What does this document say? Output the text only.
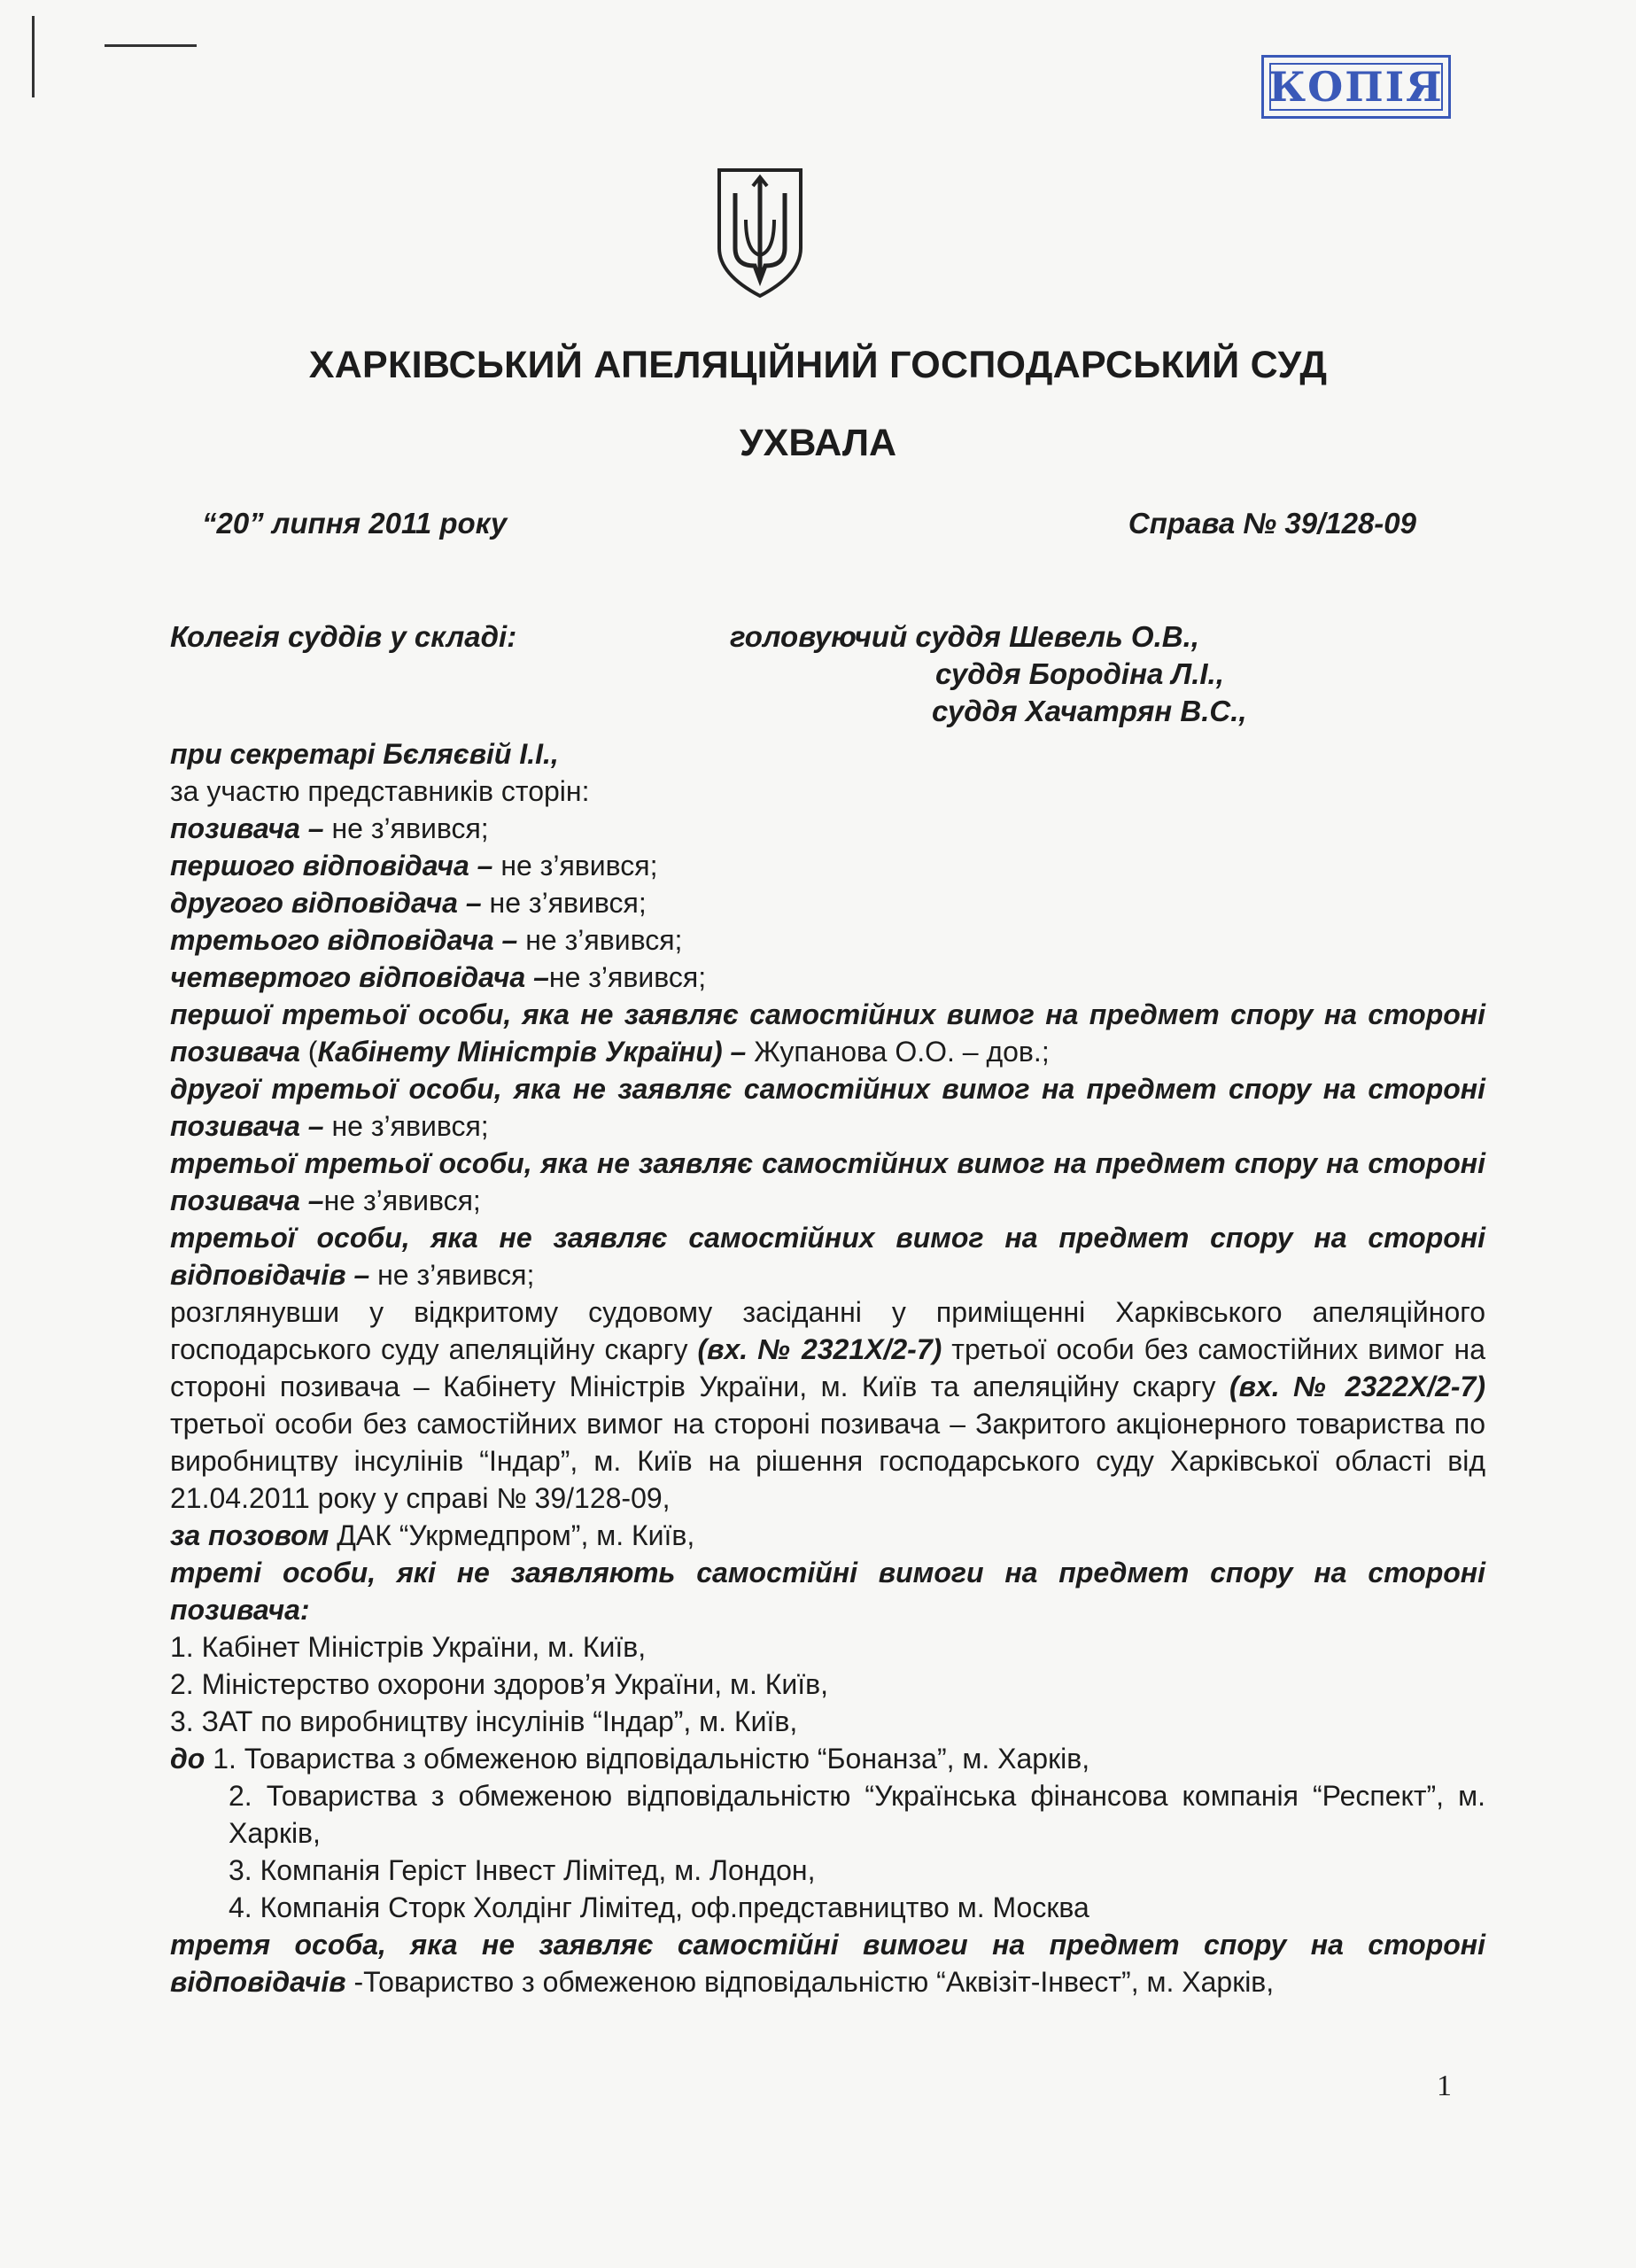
КОПІЯ
ХАРКІВСЬКИЙ АПЕЛЯЦІЙНИЙ ГОСПОДАРСЬКИЙ СУД
УХВАЛА
“20” липня 2011 року	Справа № 39/128-09
Колегія суддів у складі:	головуючий суддя Шевель О.В.,
суддя Бородіна Л.І.,
суддя Хачатрян В.С.,

при секретарі Бєляєвій І.І.,

за участю представників сторін:

позивача – не з’явився;

першого відповідача – не з’явився;

другого відповідача – не з’явився;

третього відповідача – не з’явився;

четвертого відповідача –не з’явився;

першої третьої особи, яка не заявляє самостійних вимог на предмет спору на стороні позивача (Кабінету Міністрів України) – Жупанова О.О. – дов.;

другої третьої особи, яка не заявляє самостійних вимог на предмет спору на стороні позивача – не з’явився;

третьої третьої особи, яка не заявляє самостійних вимог на предмет спору на стороні позивача –не з’явився;

третьої особи, яка не заявляє самостійних вимог на предмет спору на стороні відповідачів – не з’явився;

розглянувши у відкритому судовому засіданні у приміщенні Харківського апеляційного господарського суду апеляційну скаргу (вх. № 2321Х/2-7) третьої особи без самостійних вимог на стороні позивача – Кабінету Міністрів України, м. Київ та апеляційну скаргу (вх. № 2322Х/2-7) третьої особи без самостійних вимог на стороні позивача – Закритого акціонерного товариства по виробництву інсулінів “Індар”, м. Київ на рішення господарського суду Харківської області від 21.04.2011 року у справі № 39/128-09,

за позовом ДАК “Укрмедпром”, м. Київ,

треті особи, які не заявляють самостійні вимоги на предмет спору на стороні позивача:

1. Кабінет Міністрів України, м. Київ,

2. Міністерство охорони здоров’я України, м. Київ,

3. ЗАТ по виробництву інсулінів “Індар”, м. Київ,

до 1. Товариства з обмеженою відповідальністю “Бонанза”, м. Харків,

2. Товариства з обмеженою відповідальністю “Українська фінансова компанія “Респект”, м. Харків,

3. Компанія Геріст Інвест Лімітед, м. Лондон,

4. Компанія Сторк Холдінг Лімітед, оф.представництво м. Москва

третя особа, яка не заявляє самостійні вимоги на предмет спору на стороні відповідачів -Товариство з обмеженою відповідальністю “Аквізіт-Інвест”, м. Харків,

1
